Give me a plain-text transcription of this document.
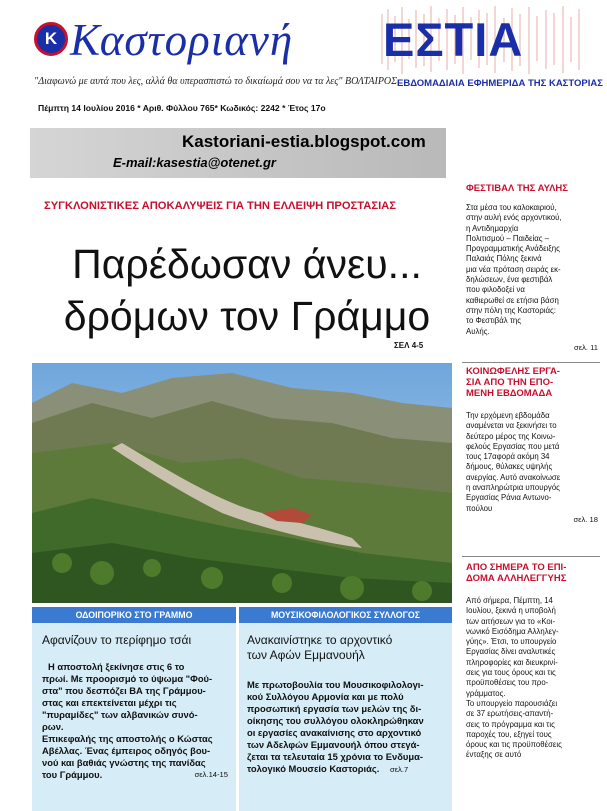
K Καστοριανή ΕΣΤΙΑ
"Διαφωνώ με αυτά που λες, αλλά θα υπερασπιστώ το δικαίωμά σου να τα λες" ΒΟΛΤΑΙΡΟΣ ΕΒΔΟΜΑΔΙΑΙΑ ΕΦΗΜΕΡΙΔΑ ΤΗΣ ΚΑΣΤΟΡΙΑΣ
Πέμπτη 14 Ιουλίου 2016 * Αριθ. Φύλλου 765* Κωδικός: 2242 * Έτος 17ο
Kastoriani-estia.blogspot.com
E-mail:kasestia@otenet.gr
ΣΥΓΚΛΟΝΙΣΤΙΚΕΣ ΑΠΟΚΑΛΥΨΕΙΣ ΓΙΑ ΤΗΝ ΕΛΛΕΙΨΗ ΠΡΟΣΤΑΣΙΑΣ
Παρέδωσαν άνευ...
δρόμων τον Γράμμο
ΣΕΛ 4-5
ΟΔΟΙΠΟΡΙΚΟ ΣΤΟ ΓΡΑΜΜΟ
Αφανίζουν το περίφημο τσάι
Η αποστολή ξεκίνησε στις 6 το
πρωί. Με προορισμό το ύψωμα "Φού-
στα" που δεσπόζει ΒΑ της Γράμμου-
στας και επεκτείνεται μέχρι τις
"πυραμίδες" των αλβανικών συνό-
ρων.
Επικεφαλής της αποστολής ο Κώστας
Αβέλλας. Ένας έμπειρος οδηγός βου-
νού και βαθιάς γνώστης της πανίδας
του Γράμμου.	σελ.14-15
ΜΟΥΣΙΚΟΦΙΛΟΛΟΓΙΚΟΣ ΣΥΛΛΟΓΟΣ
Ανακαινίστηκε το αρχοντικό
των Αφών Εμμανουήλ
Με πρωτοβουλία του Μουσικοφιλολογι-
κού Συλλόγου Αρμονία και με πολύ
προσωπική εργασία των μελών της δι-
οίκησης του συλλόγου ολοκληρώθηκαν
οι εργασίες ανακαίνισης στο αρχοντικό
των Αδελφών Εμμανουήλ όπου στεγά-
ζεται τα τελευταία 15 χρόνια το Ενδυμα-
τολογικό Μουσείο Καστοριάς. σελ.7
ΦΕΣΤΙΒΑΛ ΤΗΣ ΑΥΛΗΣ
Στα μέσα του καλοκαιριού,
στην αυλή ενός αρχοντικού,
η Αντιδημαρχία
Πολιτισμού – Παιδείας –
Προγραμματικής Ανάδειξης
Παλαιάς Πόλης ξεκινά
μια νέα πρόταση σειράς εκ-
δηλώσεων, ένα φεστιβάλ
που φιλοδοξεί να
καθιερωθεί σε ετήσια βάση
στην πόλη της Καστοριάς:
το Φεστιβάλ της
Αυλής.
σελ. 11
ΚΟΙΝΩΦΕΛΗΣ ΕΡΓΑ-
ΣΙΑ ΑΠΟ ΤΗΝ ΕΠΟ-
ΜΕΝΗ ΕΒΔΟΜΑΔΑ
Την ερχόμενη εβδομάδα
αναμένεται να ξεκινήσει το
δεύτερο μέρος της Κοινω-
φελούς Εργασίας που μετά
τους 17αφορά ακόμη 34
δήμους, θύλακες υψηλής
ανεργίας. Αυτό ανακοίνωσε
η αναπληρώτρια υπουργός
Εργασίας Ράνια Αντωνο-
πούλου
σελ. 18
ΑΠΟ ΣΗΜΕΡΑ ΤΟ ΕΠΙ-
ΔΟΜΑ ΑΛΛΗΛΕΓΓΥΗΣ
Από σήμερα, Πέμπτη, 14
Ιουλίου, ξεκινά η υποβολή
των αιτήσεων για το «Κοι-
νωνικό Εισόδημα Αλληλεγ-
γύης». Έτσι, το υπουργείο
Εργασίας δίνει αναλυτικές
πληροφορίες και διευκρινί-
σεις για τους όρους και τις
προϋποθέσεις του προ-
γράμματος.
Το υπουργείο παρουσιάζει
σε 37 ερωτήσεις-απαντή-
σεις το πρόγραμμα και τις
παροχές του, εξηγεί τους
όρους και τις προϋποθέσεις
ένταξης σε αυτό
